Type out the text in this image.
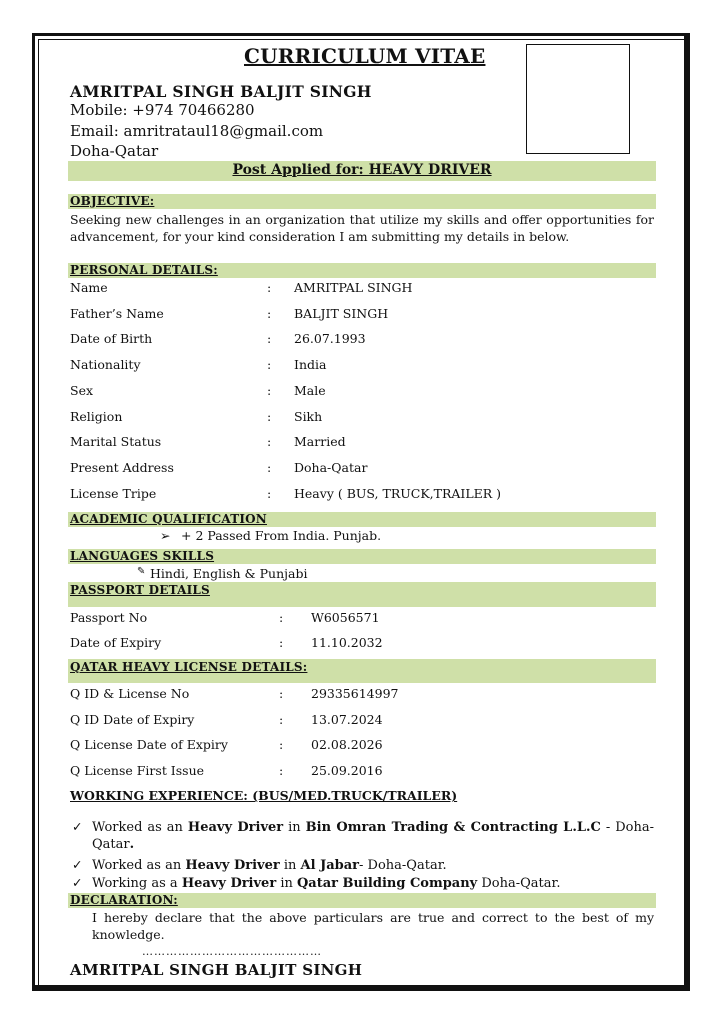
CURRICULUM VITAE
AMRITPAL SINGH BALJIT SINGH
Mobile: +974 70466280
Email: amritrataul18@gmail.com
Doha-Qatar
Post Applied for: HEAVY DRIVER
OBJECTIVE:
Seeking new challenges in an organization that utilize my skills and offer opportunities for advancement, for your kind consideration I am submitting my details in below.
PERSONAL DETAILS:
Name	: AMRITPAL SINGH
Father’s Name	: BALJIT SINGH
Date of Birth	: 26.07.1993
Nationality	: India
Sex	: Male
Religion	: Sikh
Marital Status	: Married
Present Address	: Doha-Qatar
License Tripe	: Heavy ( BUS, TRUCK,TRAILER )
ACADEMIC QUALIFICATION
➢ + 2 Passed From India. Punjab.
LANGUAGES SKILLS
✎ Hindi, English & Punjabi
PASSPORT DETAILS
Passport No	: W6056571
Date of Expiry	: 11.10.2032
QATAR HEAVY LICENSE DETAILS:
Q ID & License No	: 29335614997
Q ID Date of Expiry	: 13.07.2024
Q License Date of Expiry	: 02.08.2026
Q License First Issue	: 25.09.2016
WORKING EXPERIENCE: (BUS/MED.TRUCK/TRAILER)
✓ Worked as an Heavy Driver in Bin Omran Trading & Contracting L.L.C - Doha-Qatar.
✓ Worked as an Heavy Driver in Al Jabar- Doha-Qatar.
✓ Working as a Heavy Driver in Qatar Building Company Doha-Qatar.
DECLARATION:
I hereby declare that the above particulars are true and correct to the best of my knowledge.
………………………………………
AMRITPAL SINGH BALJIT SINGH
